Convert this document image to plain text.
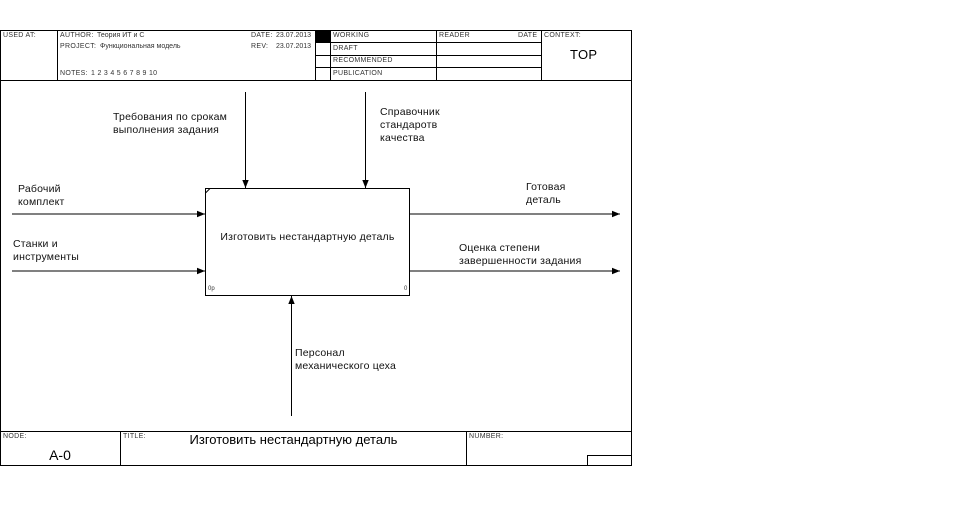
USED AT:	AUTHOR: Теория ИТ и С
PROJECT: Функциональная модель
NOTES: 1 2 3 4 5 6 7 8 9 10
DATE: 23.07.2013
REV: 23.07.2013
WORKING
DRAFT
RECOMMENDED
PUBLICATION
READER	DATE CONTEXT:
TOP
Требования по срокам
выполнения задания
Справочник
стандаротв
качества
Рабочий
комплект
Станки и
инструменты
Готовая
деталь
Оценка степени
завершенности задания
Персонал
механического цеха
Изготовить нестандартную деталь
0p	0
NODE:
А-0
TITLE:	Изготовить нестандартную деталь	NUMBER:
